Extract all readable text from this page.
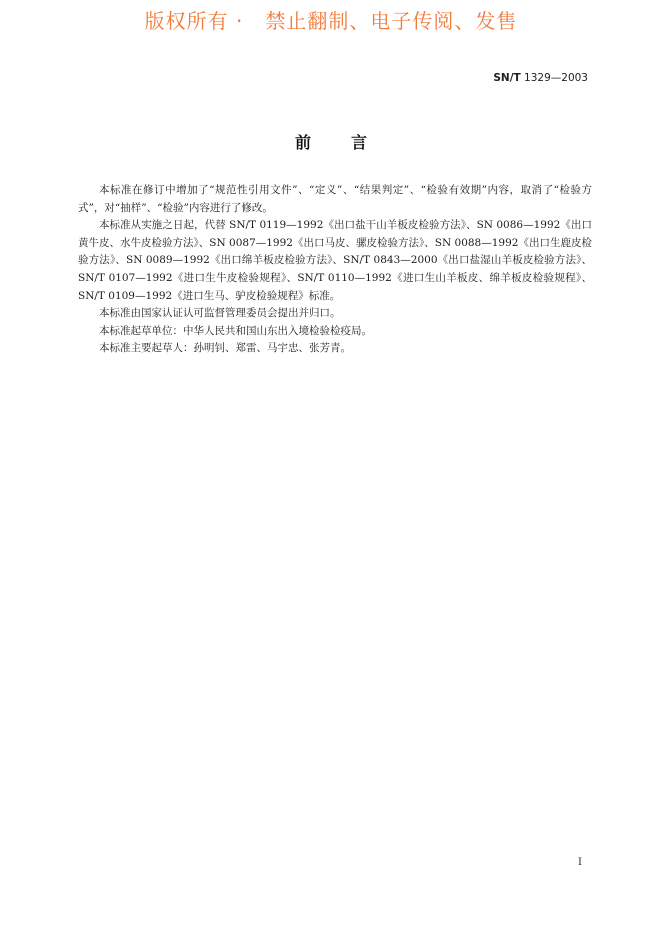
版权所有 ·   禁止翻制、电子传阅、发售
SN/T 1329—2003
前言

本标准在修订中增加了“规范性引用文件”、“定义”、“结果判定”、“检验有效期”内容，取消了“检验方式”，对“抽样”、“检验”内容进行了修改。

本标准从实施之日起，代替 SN/T 0119—1992《出口盐干山羊板皮检验方法》、SN 0086—1992《出口黄牛皮、水牛皮检验方法》、SN 0087—1992《出口马皮、骡皮检验方法》、SN 0088—1992《出口生鹿皮检验方法》、SN 0089—1992《出口绵羊板皮检验方法》、SN/T 0843—2000《出口盐湿山羊板皮检验方法》、SN/T 0107—1992《进口生牛皮检验规程》、SN/T 0110—1992《进口生山羊板皮、绵羊板皮检验规程》、SN/T 0109—1992《进口生马、驴皮检验规程》标准。

本标准由国家认证认可监督管理委员会提出并归口。

本标准起草单位：中华人民共和国山东出入境检验检疫局。

本标准主要起草人：孙明钊、郑雷、马宇忠、张芳青。

I
